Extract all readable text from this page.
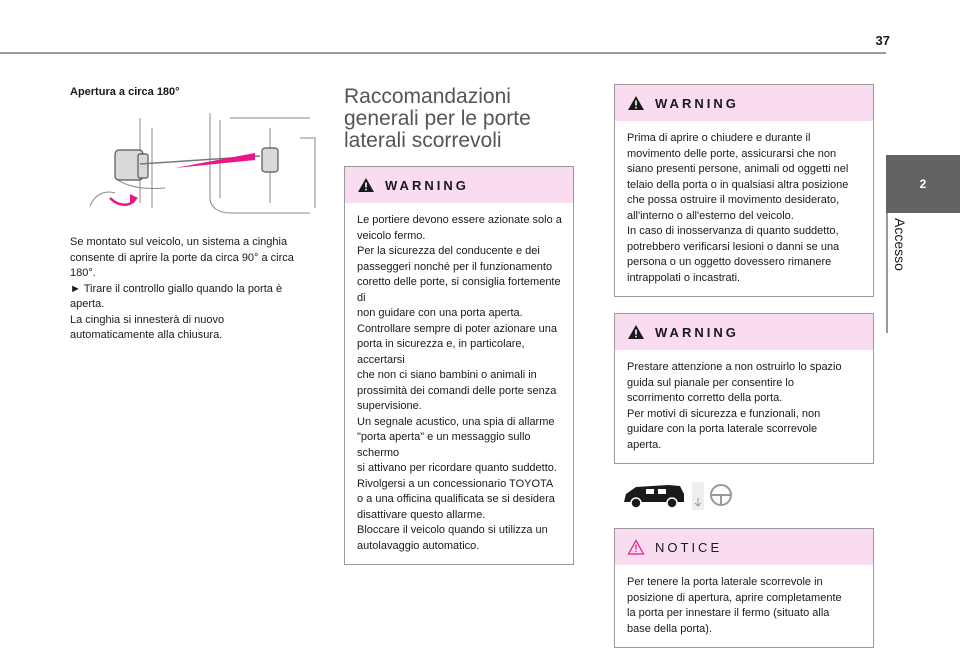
37
2
Accesso
Apertura a circa 180°
Se montato sul veicolo, un sistema a cinghia
consente di aprire la porte da circa 90° a circa
180°.
► Tirare il controllo giallo quando la porta è
aperta.
La cinghia si innesterà di nuovo
automaticamente alla chiusura.
Raccomandazioni
generali per le porte
laterali scorrevoli
WARNING
Le portiere devono essere azionate solo a
veicolo fermo.
Per la sicurezza del conducente e dei
passeggeri nonché per il funzionamento
coretto delle porte, si consiglia fortemente di
non guidare con una porta aperta.
Controllare sempre di poter azionare una
porta in sicurezza e, in particolare, accertarsi
che non ci siano bambini o animali in
prossimità dei comandi delle porte senza
supervisione.
Un segnale acustico, una spia di allarme
"porta aperta" e un messaggio sullo schermo
si attivano per ricordare quanto suddetto.
Rivolgersi a un concessionario TOYOTA
o a una officina qualificata se si desidera
disattivare questo allarme.
Bloccare il veicolo quando si utilizza un
autolavaggio automatico.
WARNING
Prima di aprire o chiudere e durante il
movimento delle porte, assicurarsi che non
siano presenti persone, animali od oggetti nel
telaio della porta o in qualsiasi altra posizione
che possa ostruire il movimento desiderato,
all'interno o all'esterno del veicolo.
In caso di inosservanza di quanto suddetto,
potrebbero verificarsi lesioni o danni se una
persona o un oggetto dovessero rimanere
intrappolati o incastrati.
WARNING
Prestare attenzione a non ostruirlo lo spazio
guida sul pianale per consentire lo
scorrimento corretto della porta.
Per motivi di sicurezza e funzionali, non
guidare con la porta laterale scorrevole
aperta.
NOTICE
Per tenere la porta laterale scorrevole in
posizione di apertura, aprire completamente
la porta per innestare il fermo (situato alla
base della porta).
